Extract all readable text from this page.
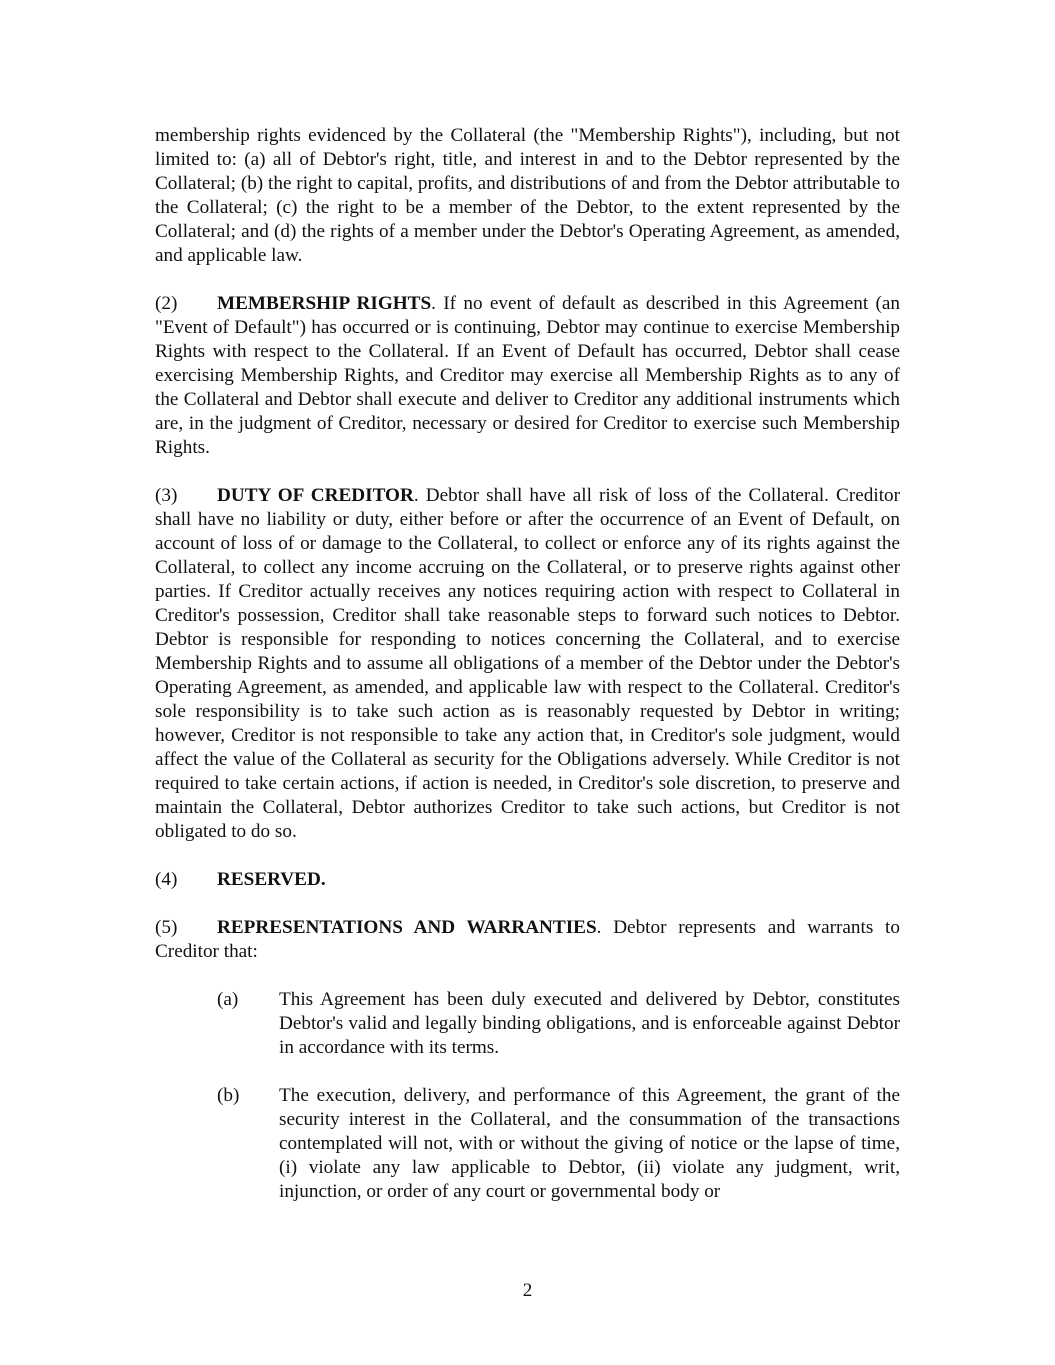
membership rights evidenced by the Collateral (the "Membership Rights"), including, but not limited to: (a) all of Debtor's right, title, and interest in and to the Debtor represented by the Collateral; (b) the right to capital, profits, and distributions of and from the Debtor attributable to the Collateral; (c) the right to be a member of the Debtor, to the extent represented by the Collateral; and (d) the rights of a member under the Debtor's Operating Agreement, as amended, and applicable law.

(2) MEMBERSHIP RIGHTS. If no event of default as described in this Agreement (an "Event of Default") has occurred or is continuing, Debtor may continue to exercise Membership Rights with respect to the Collateral. If an Event of Default has occurred, Debtor shall cease exercising Membership Rights, and Creditor may exercise all Membership Rights as to any of the Collateral and Debtor shall execute and deliver to Creditor any additional instruments which are, in the judgment of Creditor, necessary or desired for Creditor to exercise such Membership Rights.

(3) DUTY OF CREDITOR. Debtor shall have all risk of loss of the Collateral. Creditor shall have no liability or duty, either before or after the occurrence of an Event of Default, on account of loss of or damage to the Collateral, to collect or enforce any of its rights against the Collateral, to collect any income accruing on the Collateral, or to preserve rights against other parties. If Creditor actually receives any notices requiring action with respect to Collateral in Creditor's possession, Creditor shall take reasonable steps to forward such notices to Debtor. Debtor is responsible for responding to notices concerning the Collateral, and to exercise Membership Rights and to assume all obligations of a member of the Debtor under the Debtor's Operating Agreement, as amended, and applicable law with respect to the Collateral. Creditor's sole responsibility is to take such action as is reasonably requested by Debtor in writing; however, Creditor is not responsible to take any action that, in Creditor's sole judgment, would affect the value of the Collateral as security for the Obligations adversely. While Creditor is not required to take certain actions, if action is needed, in Creditor's sole discretion, to preserve and maintain the Collateral, Debtor authorizes Creditor to take such actions, but Creditor is not obligated to do so.

(4) RESERVED.

(5) REPRESENTATIONS AND WARRANTIES. Debtor represents and warrants to Creditor that:

(a) This Agreement has been duly executed and delivered by Debtor, constitutes Debtor's valid and legally binding obligations, and is enforceable against Debtor in accordance with its terms.
(b) The execution, delivery, and performance of this Agreement, the grant of the security interest in the Collateral, and the consummation of the transactions contemplated will not, with or without the giving of notice or the lapse of time, (i) violate any law applicable to Debtor, (ii) violate any judgment, writ, injunction, or order of any court or governmental body or
2
